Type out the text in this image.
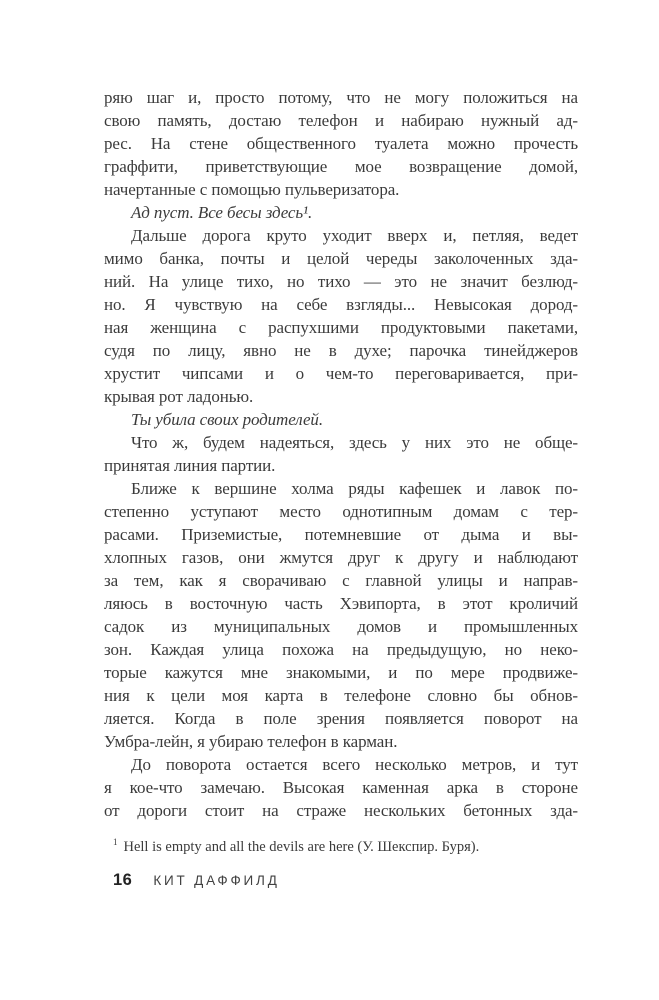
ряю шаг и, просто потому, что не могу положиться на
свою память, достаю телефон и набираю нужный ад-
рес. На стене общественного туалета можно прочесть
граффити, приветствующие мое возвращение домой,
начертанные с помощью пульверизатора.

Ад пуст. Все бесы здесь¹.

Дальше дорога круто уходит вверх и, петляя, ведет
мимо банка, почты и целой череды заколоченных зда-
ний. На улице тихо, но тихо — это не значит безлюд-
но. Я чувствую на себе взгляды... Невысокая дород-
ная женщина с распухшими продуктовыми пакетами,
судя по лицу, явно не в духе; парочка тинейджеров
хрустит чипсами и о чем-то переговаривается, при-
крывая рот ладонью.

Ты убила своих родителей.

Что ж, будем надеяться, здесь у них это не обще-
принятая линия партии.

Ближе к вершине холма ряды кафешек и лавок по-
степенно уступают место однотипным домам с тер-
расами. Приземистые, потемневшие от дыма и вы-
хлопных газов, они жмутся друг к другу и наблюдают
за тем, как я сворачиваю с главной улицы и направ-
ляюсь в восточную часть Хэвипорта, в этот кроличий
садок из муниципальных домов и промышленных
зон. Каждая улица похожа на предыдущую, но неко-
торые кажутся мне знакомыми, и по мере продвиже-
ния к цели моя карта в телефоне словно бы обнов-
ляется. Когда в поле зрения появляется поворот на
Умбра-лейн, я убираю телефон в карман.

До поворота остается всего несколько метров, и тут
я кое-что замечаю. Высокая каменная арка в стороне
от дороги стоит на страже нескольких бетонных зда-

$^1$ Hell is empty and all the devils are here (У. Шекспир. Буря).
16 КИТ ДАФФИЛД
